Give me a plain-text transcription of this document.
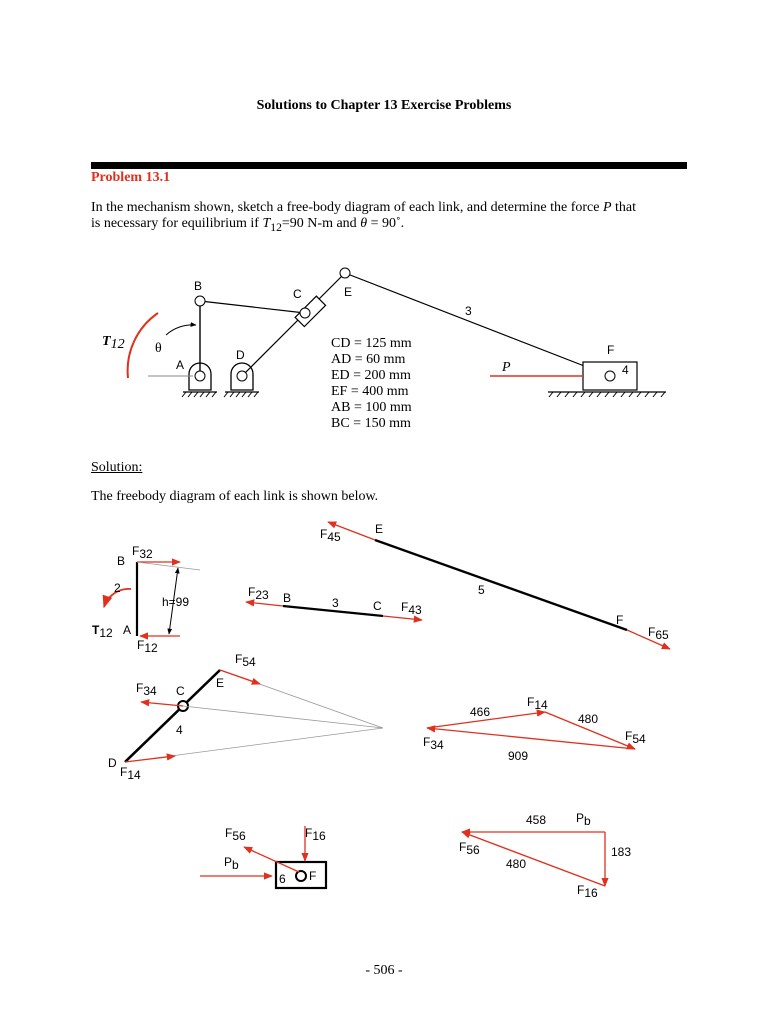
Solutions to Chapter 13 Exercise Problems
Problem 13.1
In the mechanism shown, sketch a free-body diagram of each link, and determine the force P that
is necessary for equilibrium if $T_{12}=90$ N-m and θ = 90˚.
Solution:
The freebody diagram of each link is shown below.
- 506 -
B
A
C
D
E
F
3
4
P
T12 θ	CD = 125 mm
AD = 60 mm
ED = 200 mm
EF = 400 mm
AB = 100 mm
BC = 150 mm
F32
B
2
h=99
T12 A
F12
F23 B	3	C F43
F45
E
5
F
F65
F54
E
F34 C
4
D
F14
466
F14
480
F54
F34
909
F16
F56
Pb
6 F
458 Pb
F56
480
183
F16
